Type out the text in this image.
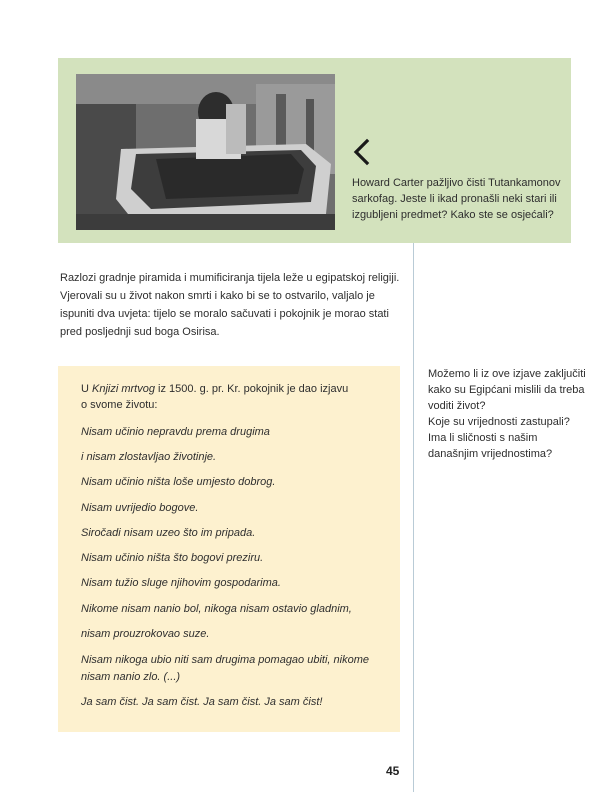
Howard Carter pažljivo čisti Tutankamonov
sarkofag. Jeste li ikad pronašli neki stari ili
izgubljeni predmet? Kako ste se osjećali?

Razlozi gradnje piramida i mumificiranja tijela leže u egipatskoj religiji.

Vjerovali su u život nakon smrti i kako bi se to ostvarilo, valjalo je

ispuniti dva uvjeta: tijelo se moralo sačuvati i pokojnik je morao stati

pred posljednji sud boga Osirisa.

U Knjizi mrtvog iz 1500. g. pr. Kr. pokojnik je dao izjavu
o svome životu:
Nisam učinio nepravdu prema drugima
i nisam zlostavljao životinje.
Nisam učinio ništa loše umjesto dobrog.
Nisam uvrijedio bogove.
Siročadi nisam uzeo što im pripada.
Nisam učinio ništa što bogovi preziru.
Nisam tužio sluge njihovim gospodarima.
Nikome nisam nanio bol, nikoga nisam ostavio gladnim,
nisam prouzrokovao suze.
Nisam nikoga ubio niti sam drugima pomagao ubiti, nikome
nisam nanio zlo. (...)
Ja sam čist. Ja sam čist. Ja sam čist. Ja sam čist!
Možemo li iz ove izjave zaključiti
kako su Egipćani mislili da treba
voditi život?
Koje su vrijednosti zastupali?
Ima li sličnosti s našim
današnjim vrijednostima?
45
